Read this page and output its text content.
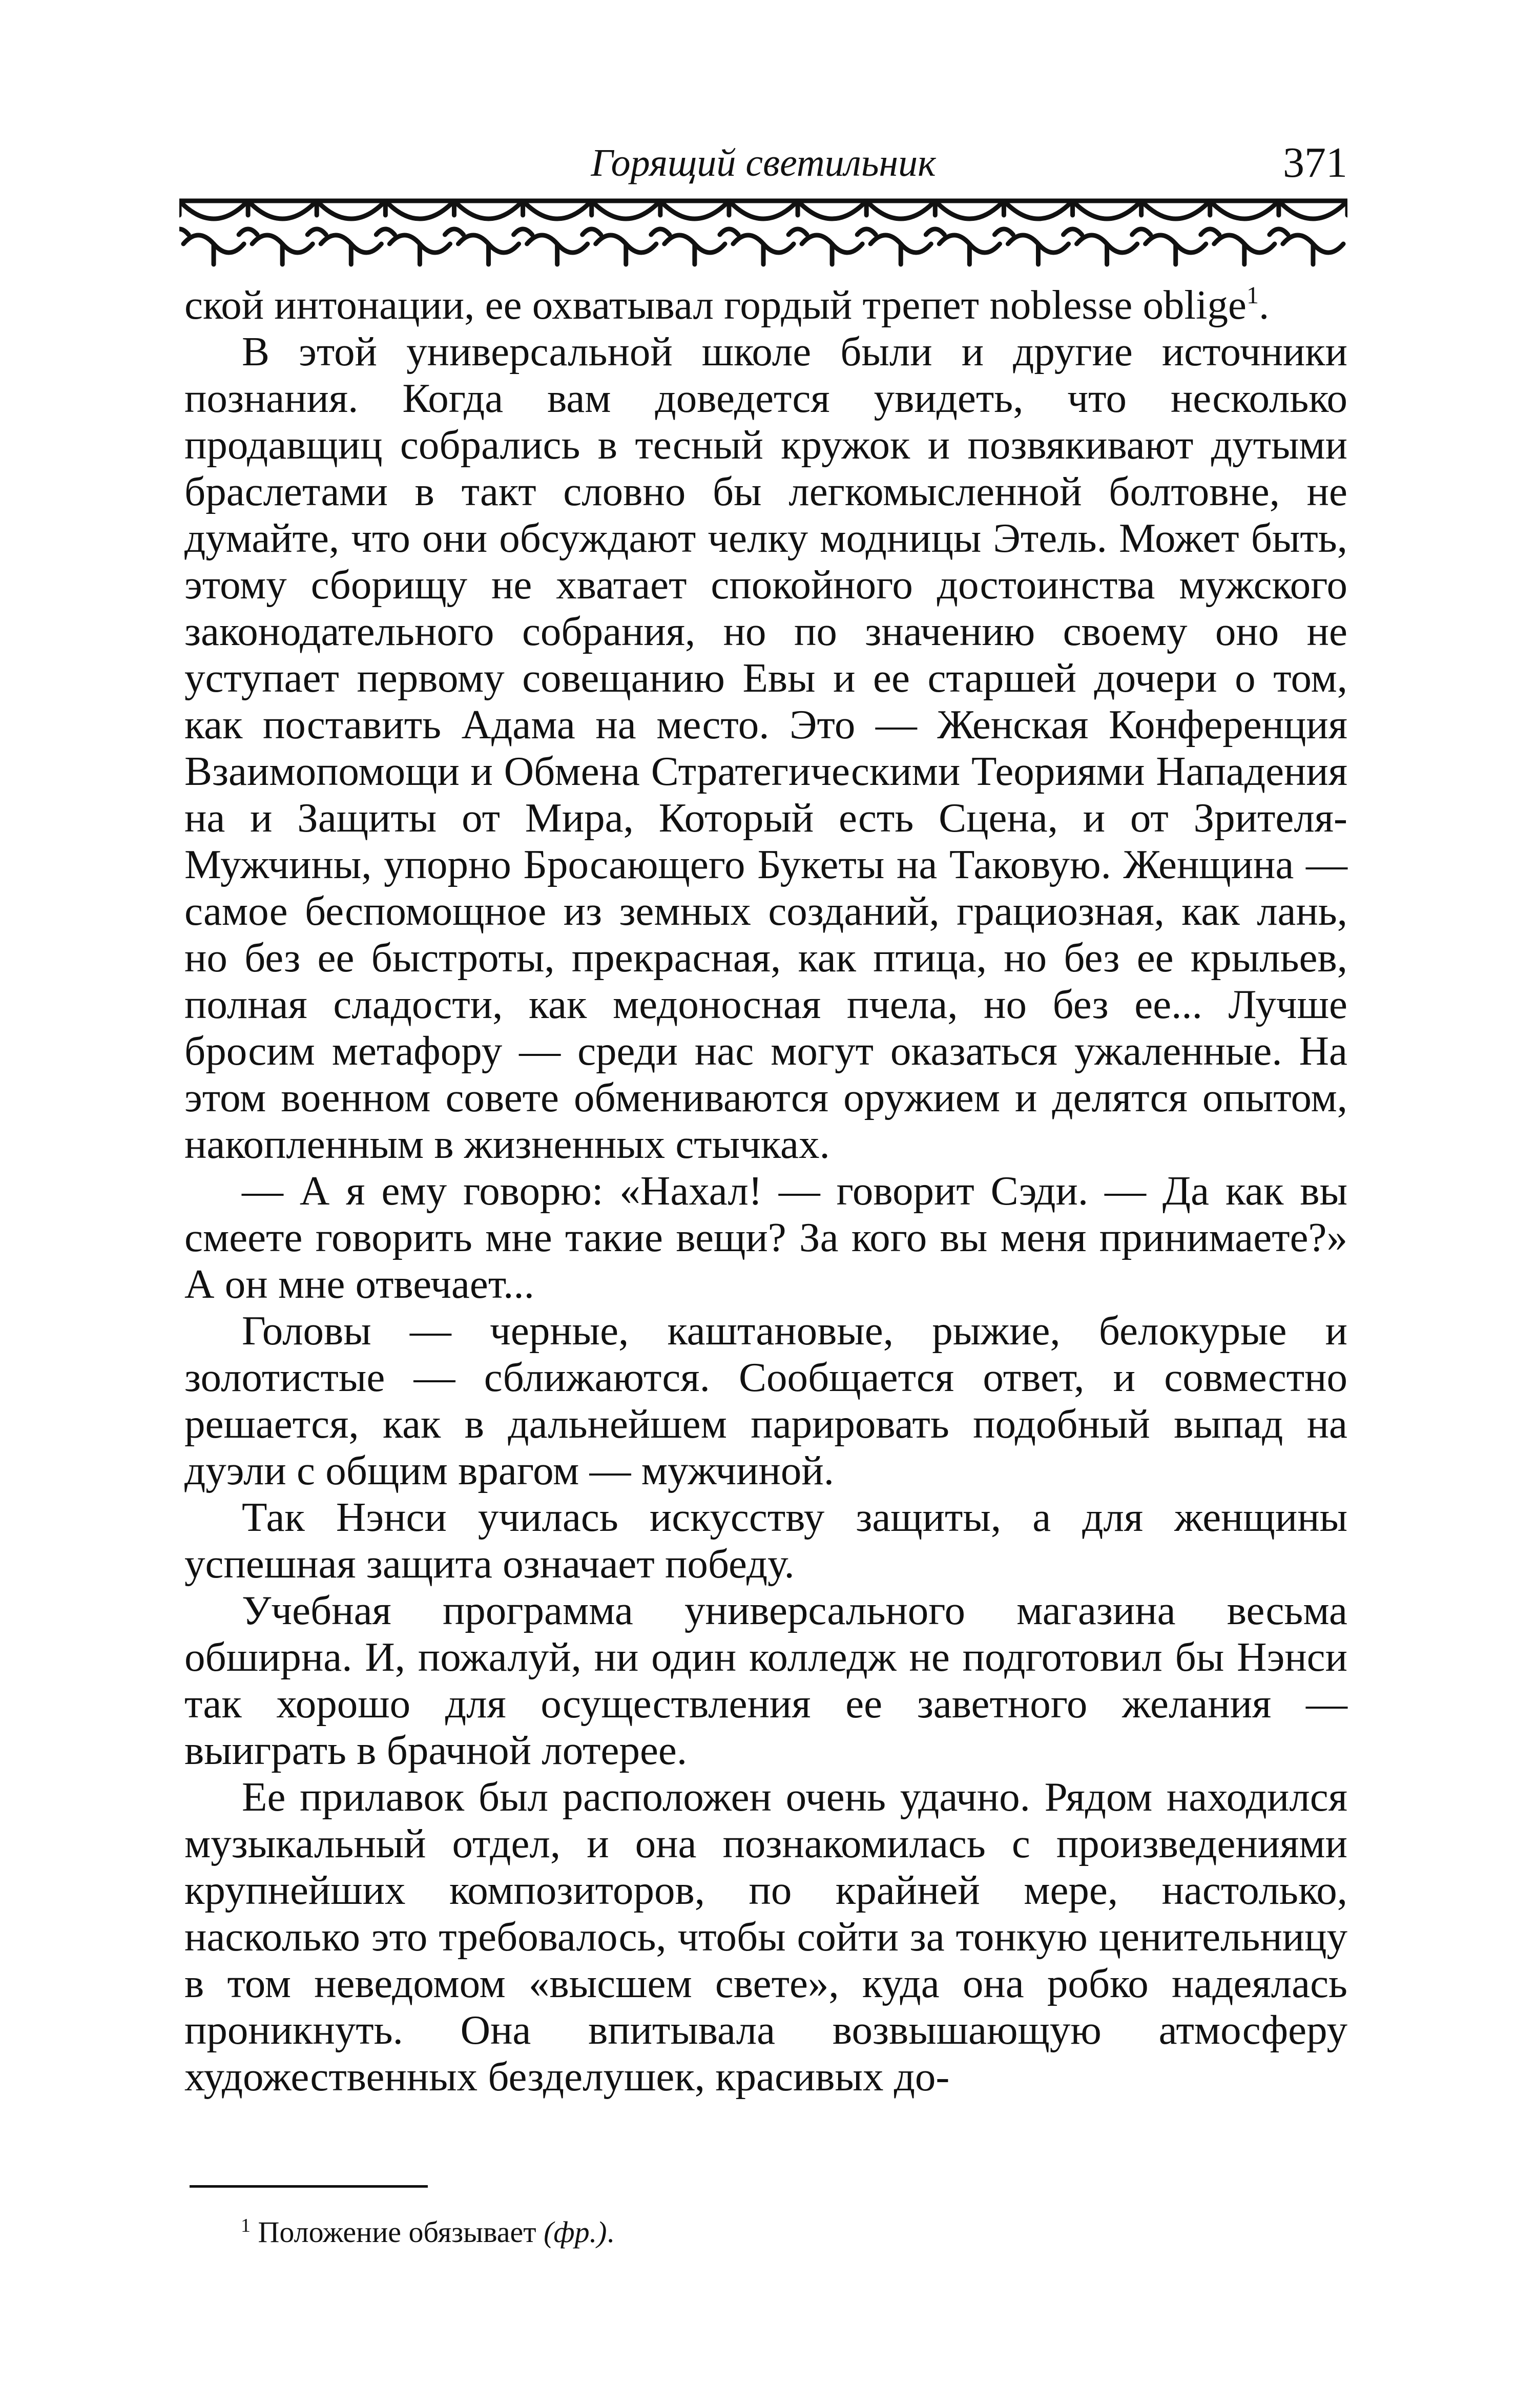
Горящий светильник	371

ской интонации, ее охватывал гордый трепет noblesse oblige$^1$.

В этой универсальной школе были и другие источники познания. Когда вам доведется увидеть, что несколько продавщиц собрались в тесный кружок и позвякивают дутыми браслетами в такт словно бы легкомысленной болтовне, не думайте, что они обсуждают челку модницы Этель. Может быть, этому сборищу не хватает спокойного достоинства мужского законодательного собрания, но по значению своему оно не уступает первому совещанию Евы и ее старшей дочери о том, как поставить Адама на место. Это — Женская Конференция Взаимопомощи и Обмена Стратегическими Теориями Нападения на и Защиты от Мира, Который есть Сцена, и от Зрителя-Мужчины, упорно Бросающего Букеты на Таковую. Женщина — самое беспомощное из земных созданий, грациозная, как лань, но без ее быстроты, прекрасная, как птица, но без ее крыльев, полная сладости, как медоносная пчела, но без ее... Лучше бросим метафору — среди нас могут оказаться ужаленные. На этом военном совете обмениваются оружием и делятся опытом, накопленным в жизненных стычках.

— А я ему говорю: «Нахал! — говорит Сэди. — Да как вы смеете говорить мне такие вещи? За кого вы меня принимаете?» А он мне отвечает...

Головы — черные, каштановые, рыжие, белокурые и золотистые — сближаются. Сообщается ответ, и совместно решается, как в дальнейшем парировать подобный выпад на дуэли с общим врагом — мужчиной.

Так Нэнси училась искусству защиты, а для женщины успешная защита означает победу.

Учебная программа универсального магазина весьма обширна. И, пожалуй, ни один колледж не подготовил бы Нэнси так хорошо для осуществления ее заветного желания — выиграть в брачной лотерее.

Ее прилавок был расположен очень удачно. Рядом находился музыкальный отдел, и она познакомилась с произведениями крупнейших композиторов, по крайней мере, настолько, насколько это требовалось, чтобы сойти за тонкую ценительницу в том неведомом «высшем свете», куда она робко надеялась проникнуть. Она впитывала возвышающую атмосферу художественных безделушек, красивых до-

$^1$ Положение обязывает (фр.).
